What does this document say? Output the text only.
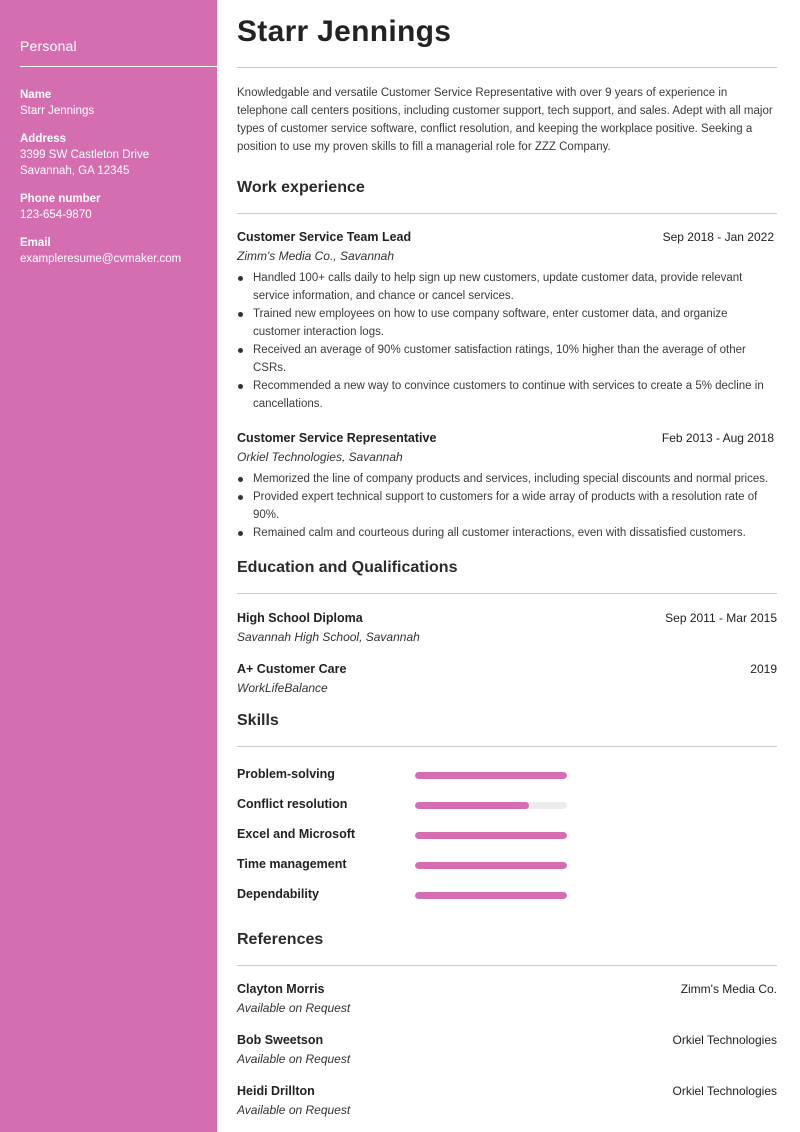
Personal
Name
Starr Jennings
Address
3399 SW Castleton Drive
Savannah, GA 12345
Phone number
123-654-9870
Email
exampleresume@cvmaker.com
Starr Jennings

Knowledgable and versatile Customer Service Representative with over 9 years of experience in telephone call centers positions, including customer support, tech support, and sales. Adept with all major types of customer service software, conflict resolution, and keeping the workplace positive. Seeking a position to use my proven skills to fill a managerial role for ZZZ Company.

Work experience
Customer Service Team Lead	Sep 2018 - Jan 2022
Zimm's Media Co., Savannah
Handled 100+ calls daily to help sign up new customers, update customer data, provide relevant service information, and chance or cancel services.
Trained new employees on how to use company software, enter customer data, and organize customer interaction logs.
Received an average of 90% customer satisfaction ratings, 10% higher than the average of other CSRs.
Recommended a new way to convince customers to continue with services to create a 5% decline in cancellations.
Customer Service Representative	Feb 2013 - Aug 2018
Orkiel Technologies, Savannah
Memorized the line of company products and services, including special discounts and normal prices.
Provided expert technical support to customers for a wide array of products with a resolution rate of 90%.
Remained calm and courteous during all customer interactions, even with dissatisfied customers.
Education and Qualifications
High School Diploma	Sep 2011 - Mar 2015
Savannah High School, Savannah
A+ Customer Care	2019
WorkLifeBalance
Skills
Problem-solving
Conflict resolution
Excel and Microsoft
Time management
Dependability
References
Clayton Morris	Zimm's Media Co.
Available on Request
Bob Sweetson	Orkiel Technologies
Available on Request
Heidi Drillton	Orkiel Technologies
Available on Request
